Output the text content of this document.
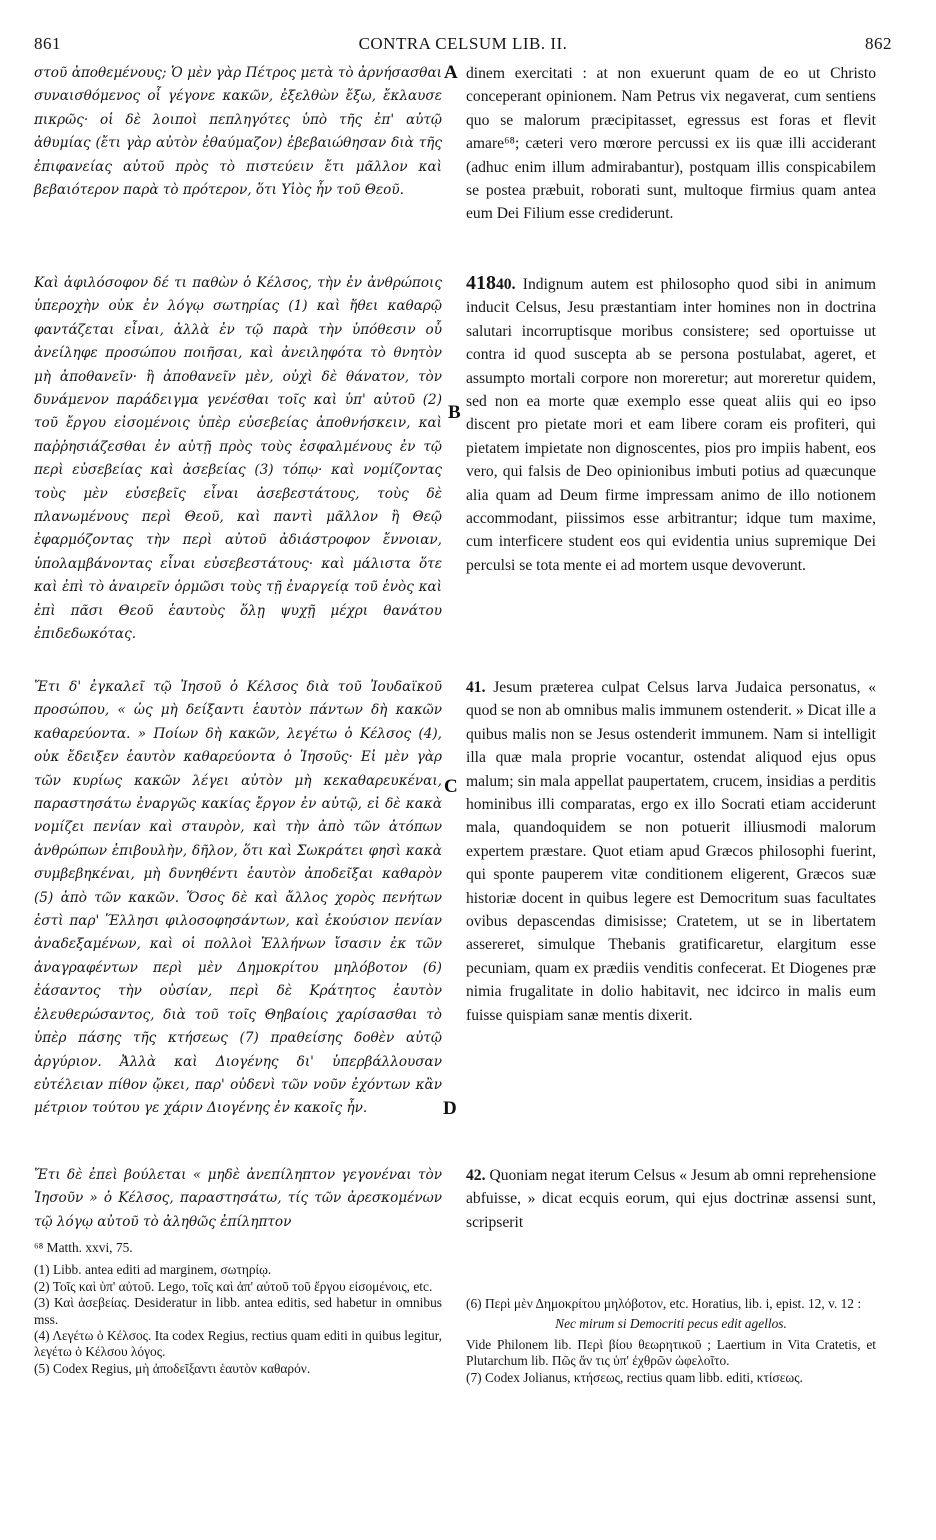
861	CONTRA CELSUM LIB. II.	862
A
B
C
D

στοῦ ἀποθεμένους; Ὁ μὲν γὰρ Πέτρος μετὰ τὸ ἀρνήσασθαι συναισθόμενος οἷ γέγονε κακῶν, ἐξελθὼν ἔξω, ἔκλαυσε πικρῶς· οἱ δὲ λοιποὶ πεπληγότες ὑπὸ τῆς ἐπ' αὐτῷ ἀθυμίας (ἔτι γὰρ αὐτὸν ἐθαύμαζον) ἐβεβαιώθησαν διὰ τῆς ἐπιφανείας αὐτοῦ πρὸς τὸ πιστεύειν ἔτι μᾶλλον καὶ βεβαιότερον παρὰ τὸ πρότερον, ὅτι Υἱὸς ἦν τοῦ Θεοῦ.

Καὶ ἀφιλόσοφον δέ τι παθὼν ὁ Κέλσος, τὴν ἐν ἀνθρώποις ὑπεροχὴν οὐκ ἐν λόγῳ σωτηρίας (1) καὶ ἤθει καθαρῷ φαντάζεται εἶναι, ἀλλὰ ἐν τῷ παρὰ τὴν ὑπόθεσιν οὗ ἀνείληφε προσώπου ποιῆσαι, καὶ ἀνειληφότα τὸ θνητὸν μὴ ἀποθανεῖν· ἢ ἀποθανεῖν μὲν, οὐχὶ δὲ θάνατον, τὸν δυνάμενον παράδειγμα γενέσθαι τοῖς καὶ ὑπ' αὐτοῦ (2) τοῦ ἔργου εἰσομένοις ὑπὲρ εὐσεβείας ἀποθνήσκειν, καὶ παῤῥησιάζεσθαι ἐν αὐτῇ πρὸς τοὺς ἐσφαλμένους ἐν τῷ περὶ εὐσεβείας καὶ ἀσεβείας (3) τόπῳ· καὶ νομίζοντας τοὺς μὲν εὐσεβεῖς εἶναι ἀσεβεστάτους, τοὺς δὲ πλανωμένους περὶ Θεοῦ, καὶ παντὶ μᾶλλον ἢ Θεῷ ἐφαρμόζοντας τὴν περὶ αὐτοῦ ἀδιάστροφον ἔννοιαν, ὑπολαμβάνοντας εἶναι εὐσεβεστάτους· καὶ μάλιστα ὅτε καὶ ἐπὶ τὸ ἀναιρεῖν ὁρμῶσι τοὺς τῇ ἐναργείᾳ τοῦ ἑνὸς καὶ ἐπὶ πᾶσι Θεοῦ ἑαυτοὺς ὅλῃ ψυχῇ μέχρι θανάτου ἐπιδεδωκότας.

Ἔτι δ' ἐγκαλεῖ τῷ Ἰησοῦ ὁ Κέλσος διὰ τοῦ Ἰουδαϊκοῦ προσώπου, « ὡς μὴ δείξαντι ἑαυτὸν πάντων δὴ κακῶν καθαρεύοντα. » Ποίων δὴ κακῶν, λεγέτω ὁ Κέλσος (4), οὐκ ἔδειξεν ἑαυτὸν καθαρεύοντα ὁ Ἰησοῦς· Εἰ μὲν γὰρ τῶν κυρίως κακῶν λέγει αὐτὸν μὴ κεκαθαρευκέναι, παραστησάτω ἐναργῶς κακίας ἔργον ἐν αὐτῷ, εἰ δὲ κακὰ νομίζει πενίαν καὶ σταυρὸν, καὶ τὴν ἀπὸ τῶν ἀτόπων ἀνθρώπων ἐπιβουλὴν, δῆλον, ὅτι καὶ Σωκράτει φησὶ κακὰ συμβεβηκέναι, μὴ δυνηθέντι ἑαυτὸν ἀποδεῖξαι καθαρὸν (5) ἀπὸ τῶν κακῶν. Ὅσος δὲ καὶ ἄλλος χορὸς πενήτων ἐστὶ παρ' Ἕλλησι φιλοσοφησάντων, καὶ ἑκούσιον πενίαν ἀναδεξαμένων, καὶ οἱ πολλοὶ Ἑλλήνων ἴσασιν ἐκ τῶν ἀναγραφέντων περὶ μὲν Δημοκρίτου μηλόβοτον (6) ἐάσαντος τὴν οὐσίαν, περὶ δὲ Κράτητος ἑαυτὸν ἐλευθερώσαντος, διὰ τοῦ τοῖς Θηβαίοις χαρίσασθαι τὸ ὑπὲρ πάσης τῆς κτήσεως (7) πραθείσης δοθὲν αὐτῷ ἀργύριον. Ἀλλὰ καὶ Διογένης δι' ὑπερβάλλουσαν εὐτέλειαν πίθον ᾤκει, παρ' οὐδενὶ τῶν νοῦν ἐχόντων κἂν μέτριον τούτου γε χάριν Διογένης ἐν κακοῖς ἦν.

Ἔτι δὲ ἐπεὶ βούλεται « μηδὲ ἀνεπίληπτον γεγονέναι τὸν Ἰησοῦν » ὁ Κέλσος, παραστησάτω, τίς τῶν ἀρεσκομένων τῷ λόγῳ αὐτοῦ τὸ ἀληθῶς ἐπίληπτον

⁶⁸ Matth. xxvi, 75.

(1) Libb. antea editi ad marginem, σωτηρίῳ.

(2) Τοῖς καὶ ὑπ' αὐτοῦ. Lego, τοῖς καὶ ἀπ' αὐτοῦ τοῦ ἔργου εἰσομένοις, etc.

(3) Καὶ ἀσεβείας. Desideratur in libb. antea editis, sed habetur in omnibus mss.

(4) Λεγέτω ὁ Κέλσος. Ita codex Regius, rectius quam editi in quibus legitur, λεγέτω ὁ Κέλσου λόγος.

(5) Codex Regius, μὴ ἀποδεῖξαντι ἑαυτὸν καθαρόν.

dinem exercitati : at non exuerunt quam de eo ut Christo conceperant opinionem. Nam Petrus vix negaverat, cum sentiens quo se malorum præcipitasset, egressus est foras et flevit amare⁶⁸; cæteri vero mœrore percussi ex iis quæ illi acciderant (adhuc enim illum admirabantur), postquam illis conspicabilem se postea præbuit, roborati sunt, multoque firmius quam antea eum Dei Filium esse crediderunt.

41840. Indignum autem est philosopho quod sibi in animum inducit Celsus, Jesu præstantiam inter homines non in doctrina salutari incorruptisque moribus consistere; sed oportuisse ut contra id quod suscepta ab se persona postulabat, ageret, et assumpto mortali corpore non moreretur; aut moreretur quidem, sed non ea morte quæ exemplo esse queat aliis qui eo ipso discent pro pietate mori et eam libere coram eis profiteri, qui pietatem impietate non dignoscentes, pios pro impiis habent, eos vero, qui falsis de Deo opinionibus imbuti potius ad quæcunque alia quam ad Deum firme impressam animo de illo notionem accommodant, piissimos esse arbitrantur; idque tum maxime, cum interficere student eos qui evidentia unius supremique Dei perculsi se tota mente ei ad mortem usque devoverunt.

41. Jesum præterea culpat Celsus larva Judaica personatus, « quod se non ab omnibus malis immunem ostenderit. » Dicat ille a quibus malis non se Jesus ostenderit immunem. Nam si intelligit illa quæ mala proprie vocantur, ostendat aliquod ejus opus malum; sin mala appellat paupertatem, crucem, insidias a perditis hominibus illi comparatas, ergo ex illo Socrati etiam acciderunt mala, quandoquidem se non potuerit illiusmodi malorum expertem præstare. Quot etiam apud Græcos philosophi fuerint, qui sponte pauperem vitæ conditionem eligerent, Græcos suæ historiæ docent in quibus legere est Democritum suas facultates ovibus depascendas dimisisse; Cratetem, ut se in libertatem assereret, simulque Thebanis gratificaretur, elargitum esse pecuniam, quam ex prædiis venditis confecerat. Et Diogenes præ nimia frugalitate in dolio habitavit, nec idcirco in malis eum fuisse quispiam sanæ mentis dixerit.

42. Quoniam negat iterum Celsus « Jesum ab omni reprehensione abfuisse, » dicat ecquis eorum, qui ejus doctrinæ assensi sunt, scripserit

(6) Περὶ μὲν Δημοκρίτου μηλόβοτον, etc. Horatius, lib. i, epist. 12, v. 12 :

Nec mirum si Democriti pecus edit agellos.

Vide Philonem lib. Περὶ βίου θεωρητικοῦ ; Laertium in Vita Cratetis, et Plutarchum lib. Πῶς ἄν τις ὑπ' ἐχθρῶν ὠφελοῖτο.

(7) Codex Jolianus, κτήσεως, rectius quam libb. editi, κτίσεως.
